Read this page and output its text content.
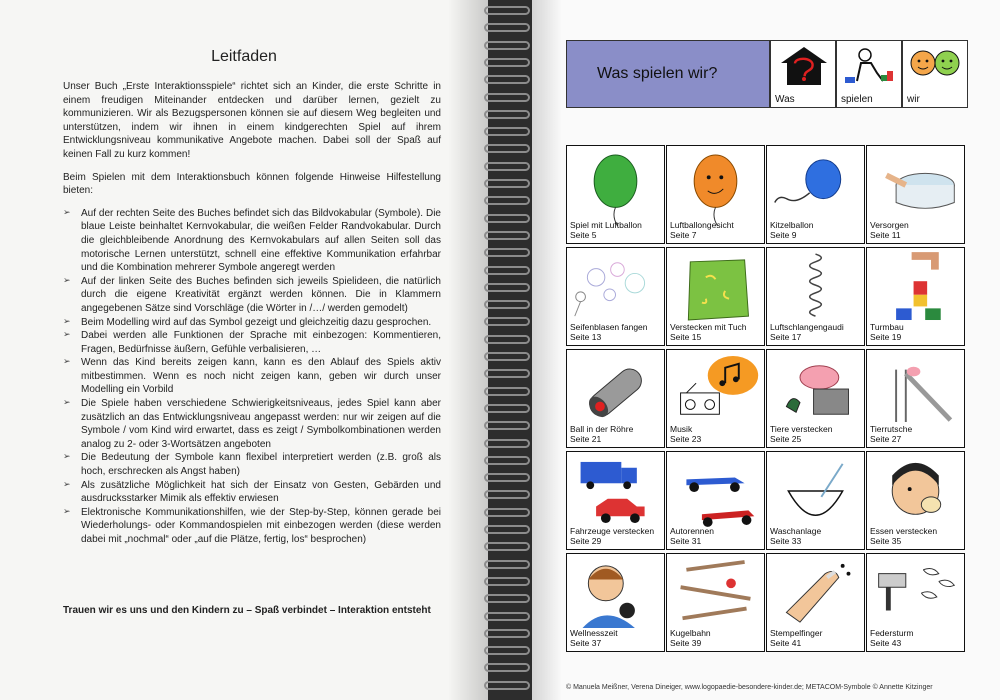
Leitfaden

Unser Buch „Erste Interaktionsspiele“ richtet sich an Kinder, die erste Schritte in einem freudigen Miteinander entdecken und darüber lernen, gezielt zu kommunizieren. Wir als Bezugspersonen können sie auf diesem Weg begleiten und unterstützen, indem wir ihnen in einem kindgerechten Spiel auf ihrem Entwicklungsniveau kommunikative Angebote machen. Dabei soll der Spaß auf keinen Fall zu kurz kommen!

Beim Spielen mit dem Interaktionsbuch können folgende Hinweise Hilfestellung bieten:

➢ Auf der rechten Seite des Buches befindet sich das Bildvokabular (Symbole). Die blaue Leiste beinhaltet Kernvokabular, die weißen Felder Randvokabular. Durch die gleichbleibende Anordnung des Kernvokabulars auf allen Seiten soll das motorische Lernen unterstützt, schnell eine effektive Kommunikation erfahrbar und die Kombination mehrerer Symbole angeregt werden
➢ Auf der linken Seite des Buches befinden sich jeweils Spielideen, die natürlich durch die eigene Kreativität ergänzt werden können. Die in Klammern angegebenen Sätze sind Vorschläge (die Wörter in /…/ werden gemodelt)
➢ Beim Modelling wird auf das Symbol gezeigt und gleichzeitig dazu gesprochen.
➢ Dabei werden alle Funktionen der Sprache mit einbezogen: Kommentieren, Fragen, Bedürfnisse äußern, Gefühle verbalisieren, …
➢ Wenn das Kind bereits zeigen kann, kann es den Ablauf des Spiels aktiv mitbestimmen. Wenn es noch nicht zeigen kann, geben wir durch unser Modelling ein Vorbild
➢ Die Spiele haben verschiedene Schwierigkeitsniveaus, jedes Spiel kann aber zusätzlich an das Entwicklungsniveau angepasst werden: nur wir zeigen auf die Symbole / vom Kind wird erwartet, dass es zeigt / Symbolkombinationen werden analog zu 2- oder 3-Wortsätzen angeboten
➢ Die Bedeutung der Symbole kann flexibel interpretiert werden (z.B. groß als hoch, erschrecken als Angst haben)
➢ Als zusätzliche Möglichkeit hat sich der Einsatz von Gesten, Gebärden und ausdrucksstarker Mimik als effektiv erwiesen
➢ Elektronische Kommunikationshilfen, wie der Step-by-Step, können gerade bei Wiederholungs- oder Kommandospielen mit einbezogen werden (diese werden dabei mit „nochmal“ oder „auf die Plätze, fertig, los“ besprochen)
Trauen wir es uns und den Kindern zu – Spaß verbindet – Interaktion entsteht
Was spielen wir?
Was	spielen	wir
Spiel mit Luftballon
Seite 5
Luftballongesicht
Seite 7
Kitzelballon
Seite 9
Versorgen
Seite 11
Seifenblasen fangen
Seite 13
Verstecken mit Tuch
Seite 15
Luftschlangengaudi
Seite 17
Turmbau
Seite 19
Ball in der Röhre
Seite 21
Musik
Seite 23
Tiere verstecken
Seite 25
Tierrutsche
Seite 27
Fahrzeuge verstecken
Seite 29
Autorennen
Seite 31
Waschanlage
Seite 33
Essen verstecken
Seite 35
Wellnesszeit
Seite 37
Kugelbahn
Seite 39
Stempelfinger
Seite 41
Federsturm
Seite 43
© Manuela Meißner, Verena Dineiger, www.logopaedie-besondere-kinder.de; METACOM-Symbole © Annette Kitzinger
